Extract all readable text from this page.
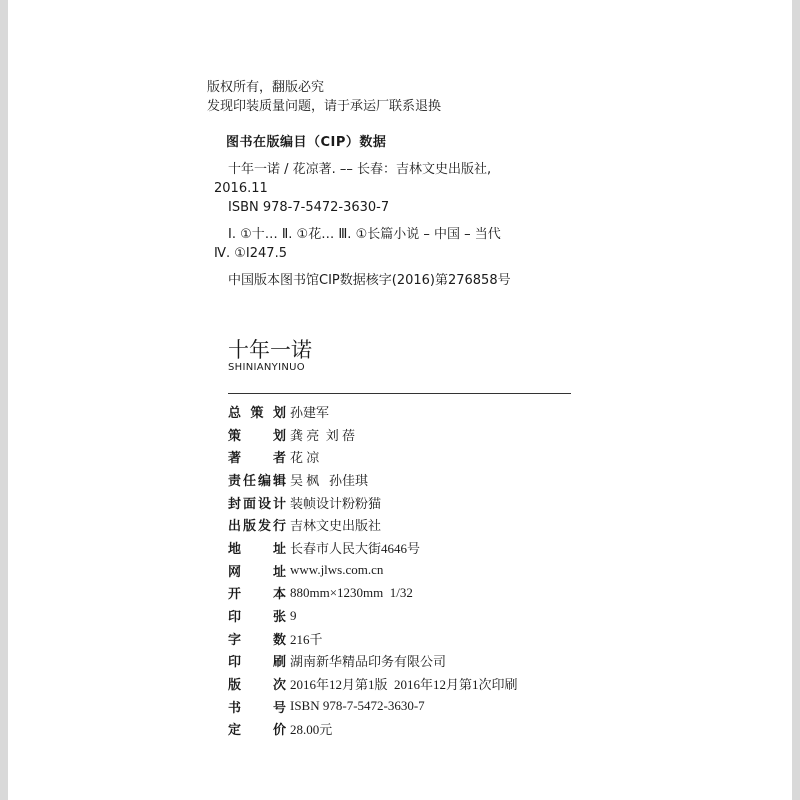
版权所有，翻版必究
发现印装质量问题，请于承运厂联系退换
图书在版编目（CIP）数据
十年一诺 / 花凉著. –– 长春：吉林文史出版社,
2016.11
ISBN 978-7-5472-3630-7
Ⅰ. ①十… Ⅱ. ①花… Ⅲ. ①长篇小说 – 中国 – 当代
Ⅳ. ①I247.5
中国版本图书馆CIP数据核字(2016)第276858号
十年一诺
SHINIANYINUO
总 策 划 孙建军
策　划 龚 亮  刘 蓓
著　者 花 凉
责任编辑 吴 枫   孙佳琪
封面设计 装帧设计粉粉猫
出版发行 吉林文史出版社
地　址 长春市人民大街4646号
网　址 www.jlws.com.cn
开　本 880mm×1230mm  1/32
印　张 9
字　数 216千
印　刷 湖南新华精品印务有限公司
版　次 2016年12月第1版  2016年12月第1次印刷
书　号 ISBN 978-7-5472-3630-7
定　价 28.00元
